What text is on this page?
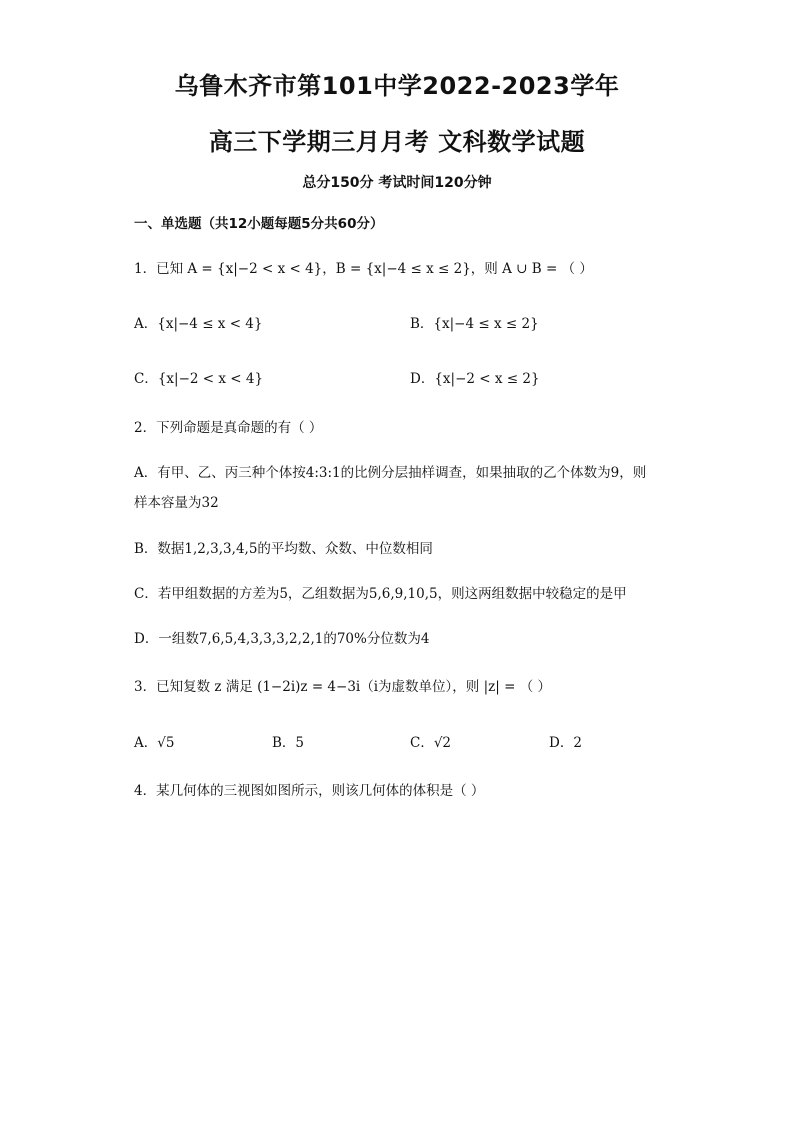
乌鲁木齐市第101中学2022-2023学年
高三下学期三月月考 文科数学试题
总分150分 考试时间120分钟
一、单选题（共12小题每题5分共60分）
1．已知 A = {x|−2 < x < 4}，B = {x|−4 ≤ x ≤ 2}，则 A ∪ B = （ ）
A．{x|−4 ≤ x < 4}	B．{x|−4 ≤ x ≤ 2}
C．{x|−2 < x < 4}	D．{x|−2 < x ≤ 2}
2．下列命题是真命题的有（ ）
A．有甲、乙、丙三种个体按4:3:1的比例分层抽样调查，如果抽取的乙个体数为9，则
样本容量为32
B．数据1,2,3,3,4,5的平均数、众数、中位数相同
C．若甲组数据的方差为5，乙组数据为5,6,9,10,5，则这两组数据中较稳定的是甲
D．一组数7,6,5,4,3,3,3,2,2,1的70%分位数为4
3．已知复数 z 满足 (1−2i)z = 4−3i（i为虚数单位），则 |z| = （ ）
A．√5	B．5	C．√2	D．2
4．某几何体的三视图如图所示，则该几何体的体积是（ ）
